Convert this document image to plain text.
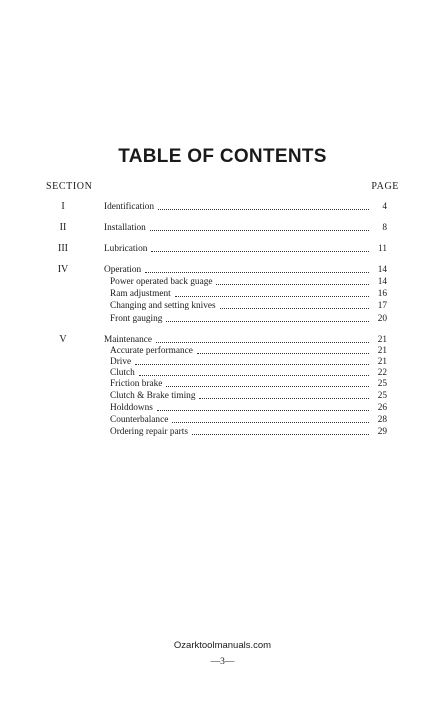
TABLE OF CONTENTS
SECTION	PAGE
I	Identification	4
II	Installation	8
III	Lubrication	11
IV	Operation	14
Power operated back guage	14
Ram adjustment	16
Changing and setting knives	17
Front gauging	20
V	Maintenance	21
Accurate performance	21
Drive	21
Clutch	22
Friction brake	25
Clutch & Brake timing	25
Holddowns	26
Counterbalance	28
Ordering repair parts	29
Ozarktoolmanuals.com
—3—
